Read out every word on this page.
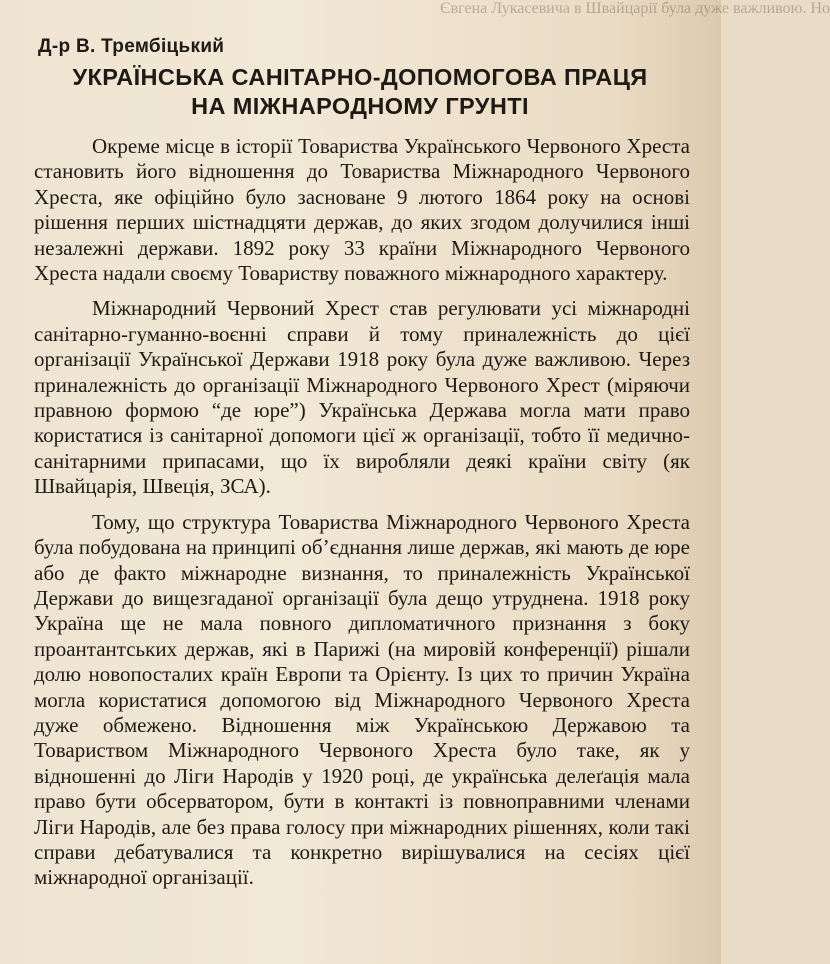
Євгена Лукасевича в Швайцарії була дуже важливою. Но
Д-р В. Трембіцький
УКРАЇНСЬКА САНІТАРНО-ДОПОМОГОВА ПРАЦЯ
НА МІЖНАРОДНОМУ ГРУНТІ

Окреме місце в історії Товариства Українського Червоного Хреста становить його відношення до Товариства Міжнародного Червоного Хреста, яке офіційно було засноване 9 лютого 1864 року на основі рішення перших шістнадцяти держав, до яких згодом долучилися інші незалежні держави. 1892 року 33 країни Міжнародного Червоного Хреста надали своєму Товариству поважного міжнародного характеру.

Міжнародний Червоний Хрест став регулювати усі міжнародні санітарно-гуманно-воєнні справи й тому приналежність до цієї організації Української Держави 1918 року була дуже важливою. Через приналежність до організації Міжнародного Червоного Хрест (міряючи правною формою “де юре”) Українська Держава могла мати право користатися із санітарної допомоги цієї ж організації, тобто її медично-санітарними припасами, що їх виробляли деякі країни світу (як Швайцарія, Швеція, ЗСА).

Тому, що структура Товариства Міжнародного Червоного Хреста була побудована на принципі об’єднання лише держав, які мають де юре або де факто міжнародне визнання, то приналежність Української Держави до вищезгаданої організації була дещо утруднена. 1918 року Україна ще не мала повного дипломатичного признання з боку проантантських держав, які в Парижі (на мировій конференції) рішали долю новопосталих країн Европи та Орієнту. Із цих то причин Україна могла користатися допомогою від Міжнародного Червоного Хреста дуже обмежено. Відношення між Українською Державою та Товариством Міжнародного Червоного Хреста було таке, як у відношенні до Ліги Народів у 1920 році, де українська делеґація мала право бути обсерватором, бути в контакті із повноправними членами Ліги Народів, але без права голосу при міжнародних рішеннях, коли такі справи дебатувалися та конкретно вирішувалися на сесіях цієї міжнародної організації.
